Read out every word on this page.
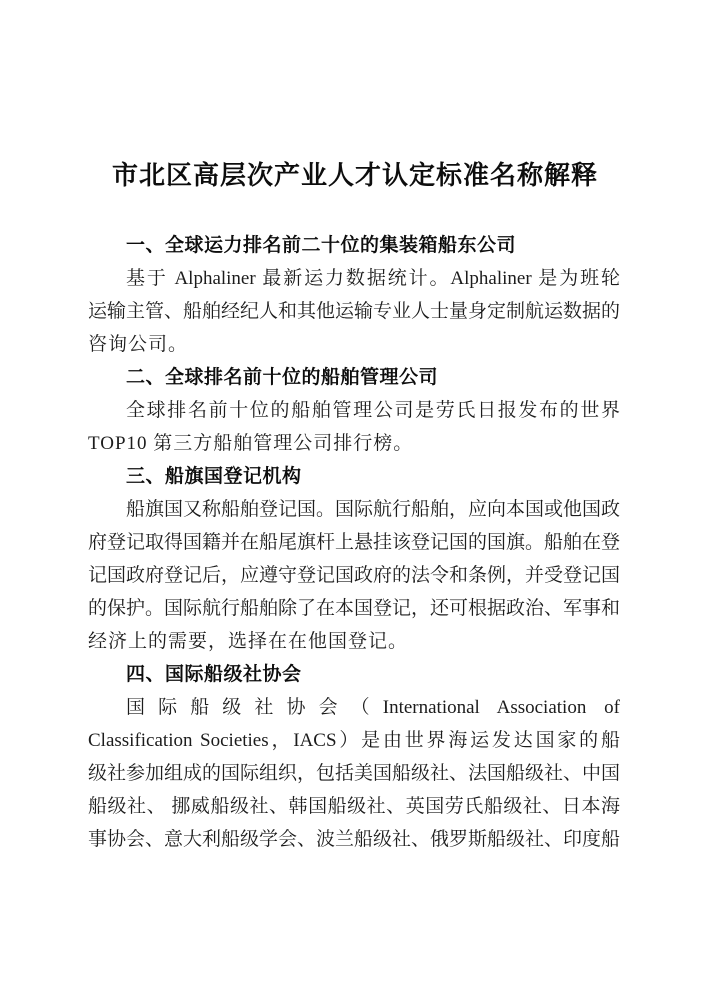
市北区高层次产业人才认定标准名称解释
一、全球运力排名前二十位的集装箱船东公司
基于 Alphaliner 最新运力数据统计。Alphaliner 是为班轮
运输主管、船舶经纪人和其他运输专业人士量身定制航运数据的
咨询公司。
二、全球排名前十位的船舶管理公司
全球排名前十位的船舶管理公司是劳氏日报发布的世界
TOP10 第三方船舶管理公司排行榜。
三、船旗国登记机构
船旗国又称船舶登记国。国际航行船舶，应向本国或他国政
府登记取得国籍并在船尾旗杆上悬挂该登记国的国旗。船舶在登
记国政府登记后，应遵守登记国政府的法令和条例，并受登记国
的保护。国际航行船舶除了在本国登记，还可根据政治、军事和
经济上的需要，选择在在他国登记。
四、国际船级社协会
国际船级社协会（International Association of
Classification Societies，IACS）是由世界海运发达国家的船
级社参加组成的国际组织，包括美国船级社、法国船级社、中国
船级社、 挪威船级社、韩国船级社、英国劳氏船级社、日本海
事协会、意大利船级学会、波兰船级社、俄罗斯船级社、印度船
